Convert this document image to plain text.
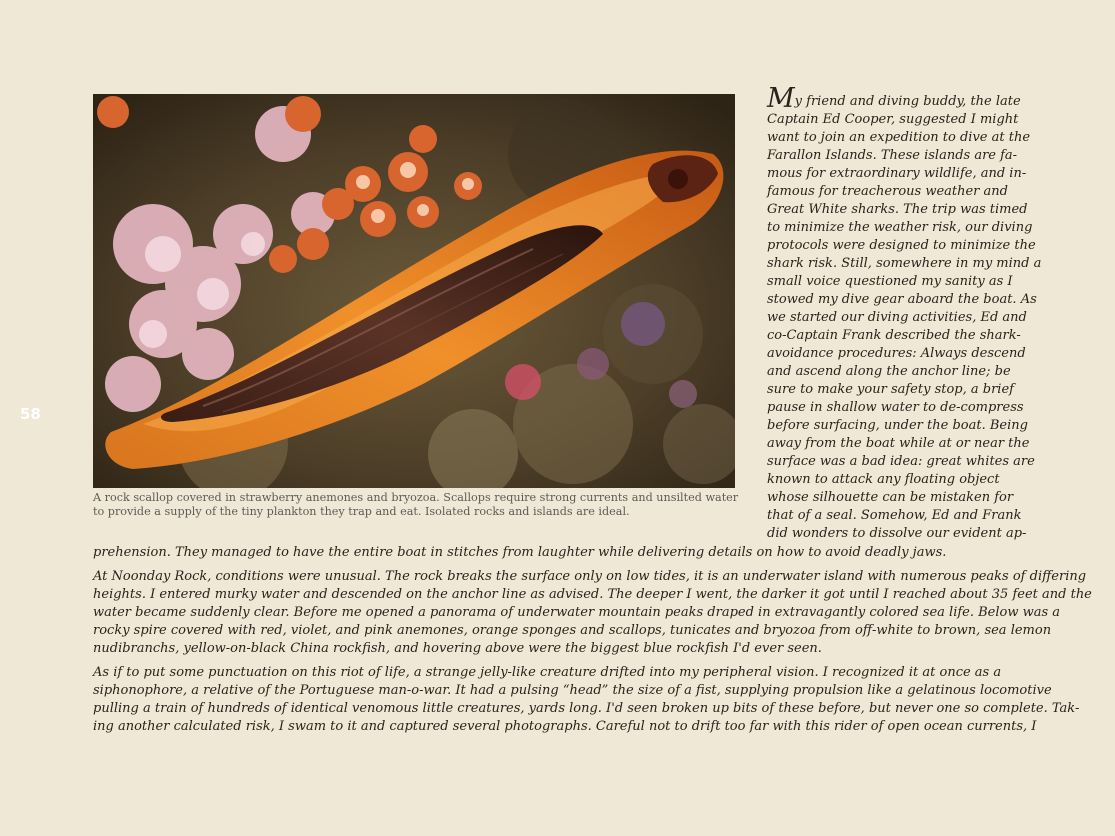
58
A rock scallop covered in strawberry anemones and bryozoa. Scallops require strong currents and unsilted water
to provide a supply of the tiny plankton they trap and eat. Isolated rocks and islands are ideal.
My friend and diving buddy, the late
Captain Ed Cooper, suggested I might
want to join an expedition to dive at the
Farallon Islands. These islands are fa-
mous for extraordinary wildlife, and in-
famous for treacherous weather and
Great White sharks. The trip was timed
to minimize the weather risk, our diving
protocols were designed to minimize the
shark risk. Still, somewhere in my mind a
small voice questioned my sanity as I
stowed my dive gear aboard the boat. As
we started our diving activities, Ed and
co-Captain Frank described the shark-
avoidance procedures: Always descend
and ascend along the anchor line; be
sure to make your safety stop, a brief
pause in shallow water to de-compress
before surfacing, under the boat. Being
away from the boat while at or near the
surface was a bad idea: great whites are
known to attack any floating object
whose silhouette can be mistaken for
that of a seal. Somehow, Ed and Frank
did wonders to dissolve our evident ap-
prehension. They managed to have the entire boat in stitches from laughter while delivering details on how to avoid deadly jaws.
At Noonday Rock, conditions were unusual. The rock breaks the surface only on low tides, it is an underwater island with numerous peaks of differing
heights. I entered murky water and descended on the anchor line as advised. The deeper I went, the darker it got until I reached about 35 feet and the
water became suddenly clear. Before me opened a panorama of underwater mountain peaks draped in extravagantly colored sea life. Below was a
rocky spire covered with red, violet, and pink anemones, orange sponges and scallops, tunicates and bryozoa from off-white to brown, sea lemon
nudibranchs, yellow-on-black China rockfish, and hovering above were the biggest blue rockfish I'd ever seen.
As if to put some punctuation on this riot of life, a strange jelly-like creature drifted into my peripheral vision. I recognized it at once as a
siphonophore, a relative of the Portuguese man-o-war. It had a pulsing “head” the size of a fist, supplying propulsion like a gelatinous locomotive
pulling a train of hundreds of identical venomous little creatures, yards long. I'd seen broken up bits of these before, but never one so complete. Tak-
ing another calculated risk, I swam to it and captured several photographs. Careful not to drift too far with this rider of open ocean currents, I
